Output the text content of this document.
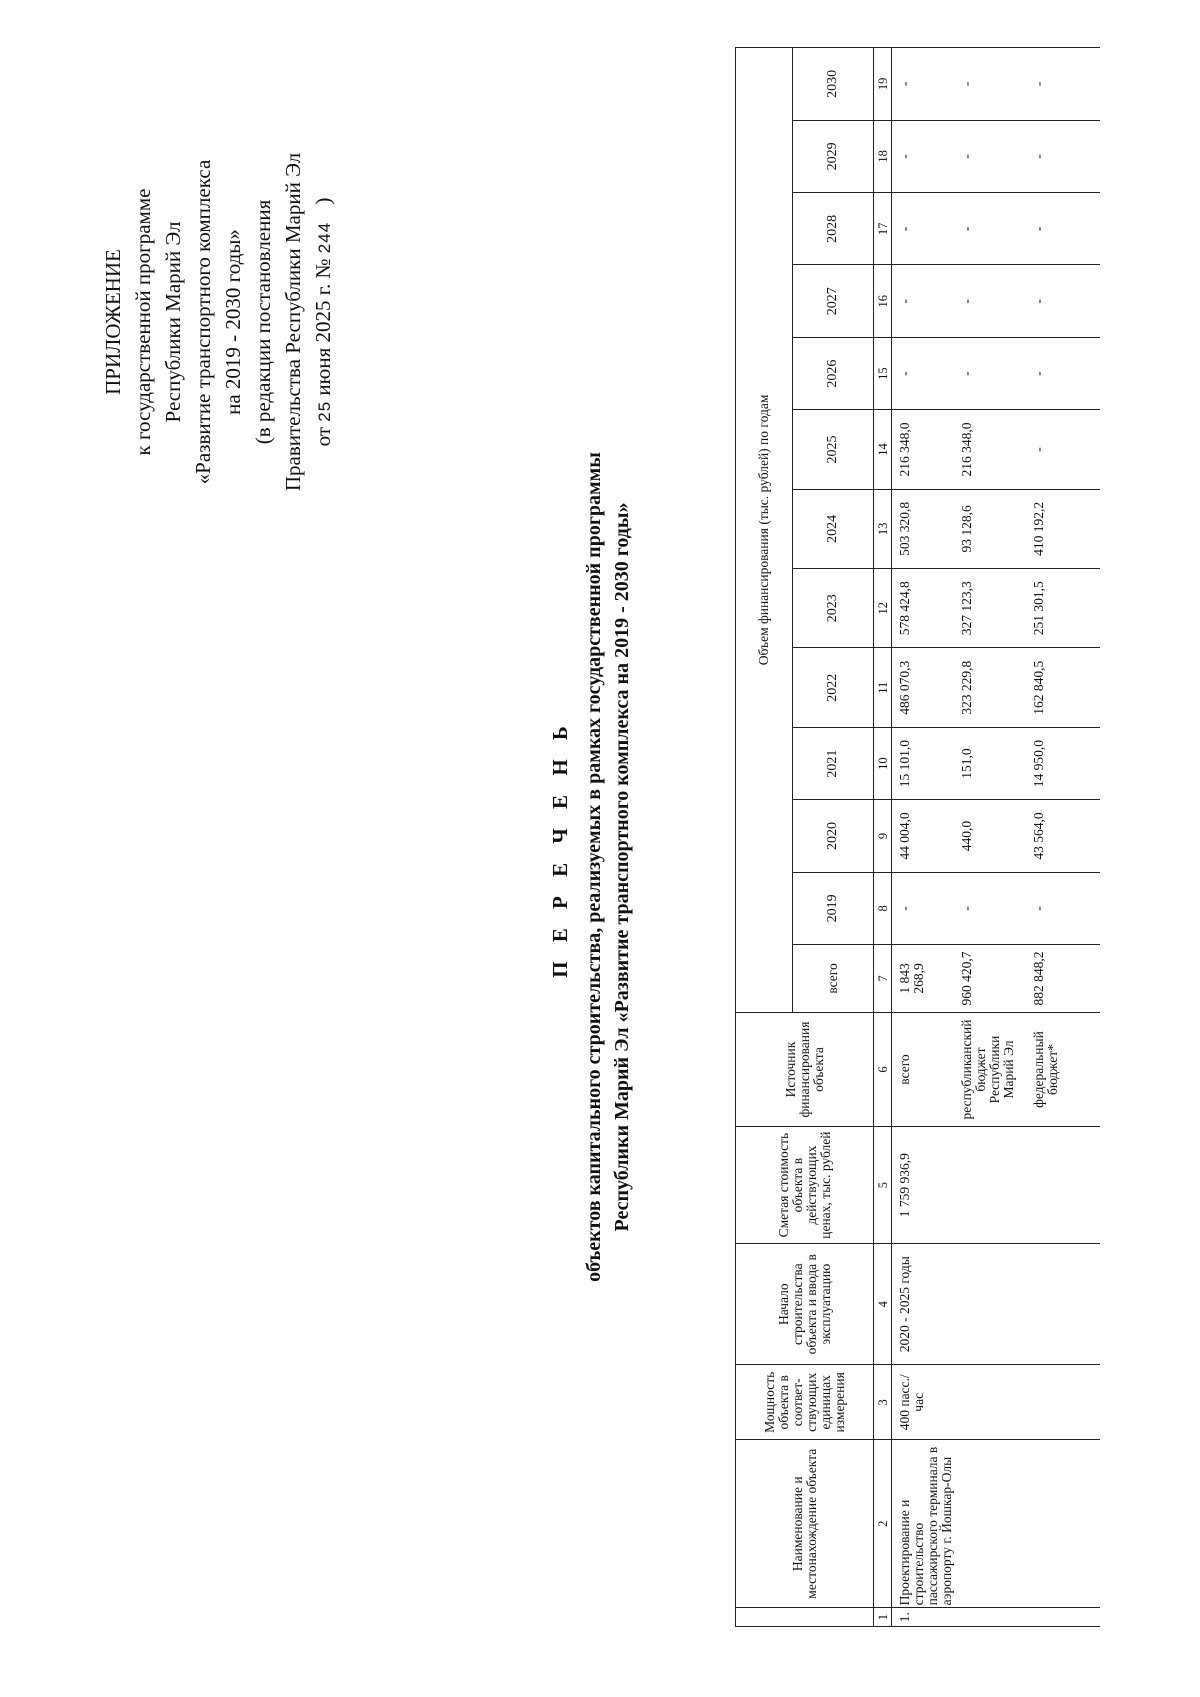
ПРИЛОЖЕНИЕ к государственной программе Республики Марий Эл «Развитие транспортного комплекса на 2019 - 2030 годы» (в редакции постановления Правительства Республики Марий Эл от 25 июня 2025 г. № 244 )
П Е Р Е Ч Е Н Ь объектов капитального строительства, реализуемых в рамках государственной программы Республики Марий Эл «Развитие транспортного комплекса на 2019 - 2030 годы»
	Наименование и местонахождение объекта	Мощность объекта в соответ-ствующих единицах измерения	Начало строительства объекта и ввода в эксплуатацию	Сметая стоимость объекта в действующих ценах, тыс. рублей	Источник финансирования объекта	Объем финансирования (тыс. рублей) по годам												
						всего	2019	2020	2021	2022	2023	2024	2025	2026	2027	2028	2029	2030
1	2	3	4	5	6	7	8	9	10	11	12	13	14	15	16	17	18	19
1.	Проектирование и строительство пассажирского терминала в аэропорту г. Йошкар-Олы	400 пасс./час	2020 - 2025 годы	1 759 936,9	всего	1 843 268,9	-	44 004,0	15 101,0	486 070,3	578 424,8	503 320,8	216 348,0	-	-	-	-	-
					республиканский бюджет Республики Марий Эл	960 420,7	-	440,0	151,0	323 229,8	327 123,3	93 128,6	216 348,0	-	-	-	-	-
					федеральный бюджет*	882 848,2	-	43 564,0	14 950,0	162 840,5	251 301,5	410 192,2	-	-	-	-	-	-
